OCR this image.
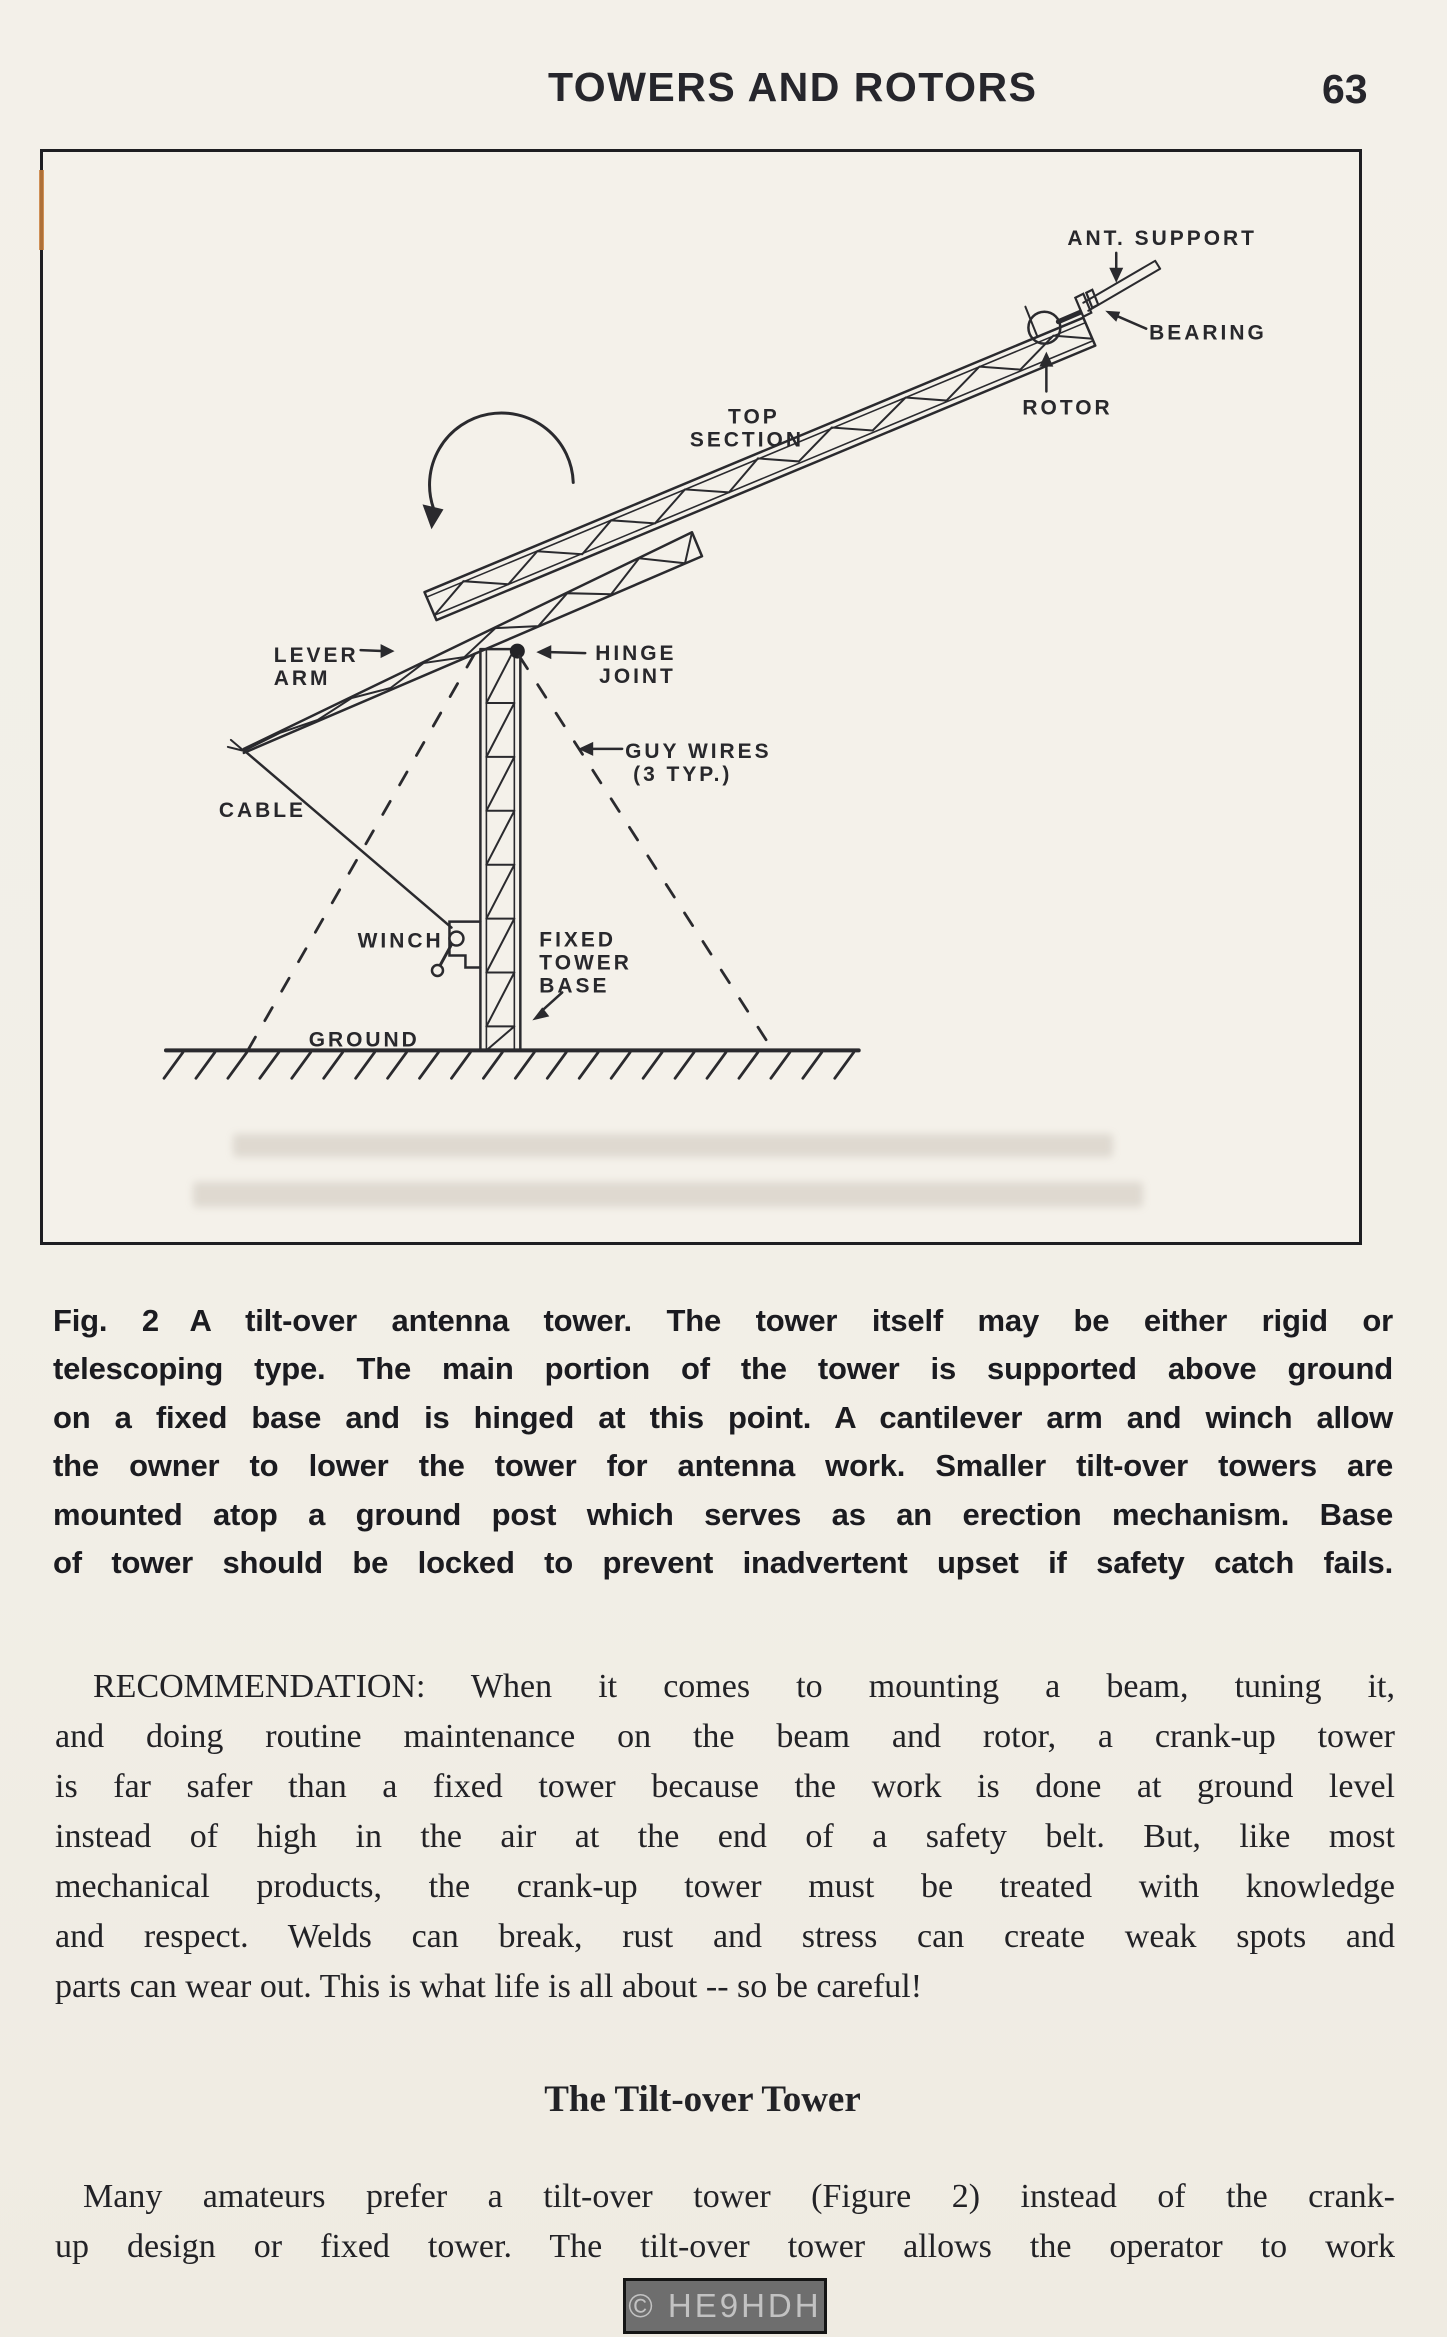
TOWERS AND ROTORS	63
ANT. SUPPORT
BEARING
ROTOR
TOP
SECTION
LEVER
ARM
HINGE
JOINT
GUY WIRES
(3 TYP.)
CABLE
WINCH	FIXED
TOWER
BASE
GROUND
Fig. 2  A tilt-over antenna tower. The tower itself may be either rigid or
telescoping type. The main portion of the tower is supported above ground
on a fixed base and is hinged at this point. A cantilever arm and winch allow
the owner to lower the tower for antenna work. Smaller tilt-over towers are
mounted atop a ground post which serves as an erection mechanism. Base
of tower should be locked to prevent inadvertent upset if safety catch fails.
RECOMMENDATION: When it comes to mounting a beam, tuning it,
and doing routine maintenance on the beam and rotor, a crank-up tower
is far safer than a fixed tower because the work is done at ground level
instead of high in the air at the end of a safety belt. But, like most
mechanical products, the crank-up tower must be treated with knowledge
and respect. Welds can break, rust and stress can create weak spots and
parts can wear out. This is what life is all about -- so be careful!
The Tilt-over Tower
Many amateurs prefer a tilt-over tower (Figure 2) instead of the crank-
up design or fixed tower. The tilt-over tower allows the operator to work
© HE9HDH
